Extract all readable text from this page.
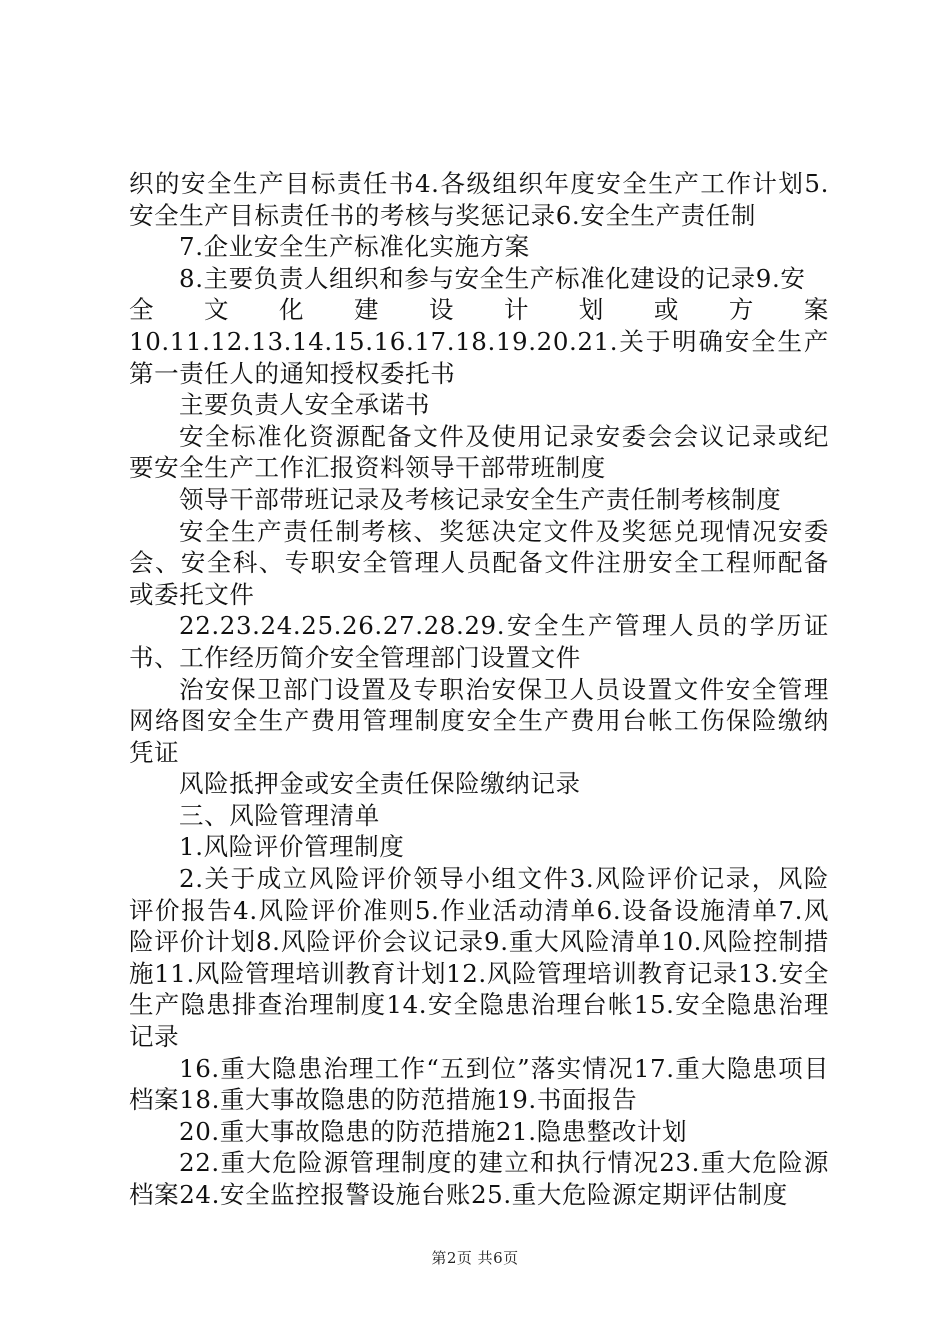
织的安全生产目标责任书4.各级组织年度安全生产工作计划5.安全生产目标责任书的考核与奖惩记录6.安全生产责任制

7.企业安全生产标准化实施方案

8.主要负责人组织和参与安全生产标准化建设的记录9.安

全文化建设计划或方案

10.11.12.13.14.15.16.17.18.19.20.21.关于明确安全生产第一责任人的通知授权委托书

主要负责人安全承诺书

安全标准化资源配备文件及使用记录安委会会议记录或纪要安全生产工作汇报资料领导干部带班制度

领导干部带班记录及考核记录安全生产责任制考核制度

安全生产责任制考核、奖惩决定文件及奖惩兑现情况安委会、安全科、专职安全管理人员配备文件注册安全工程师配备或委托文件

22.23.24.25.26.27.28.29.安全生产管理人员的学历证书、工作经历简介安全管理部门设置文件

治安保卫部门设置及专职治安保卫人员设置文件安全管理网络图安全生产费用管理制度安全生产费用台帐工伤保险缴纳凭证

风险抵押金或安全责任保险缴纳记录

三、风险管理清单

1.风险评价管理制度

2.关于成立风险评价领导小组文件3.风险评价记录，风险评价报告4.风险评价准则5.作业活动清单6.设备设施清单7.风险评价计划8.风险评价会议记录9.重大风险清单10.风险控制措施11.风险管理培训教育计划12.风险管理培训教育记录13.安全生产隐患排查治理制度14.安全隐患治理台帐15.安全隐患治理记录

16.重大隐患治理工作“五到位”落实情况17.重大隐患项目档案18.重大事故隐患的防范措施19.书面报告

20.重大事故隐患的防范措施21.隐患整改计划

22.重大危险源管理制度的建立和执行情况23.重大危险源档案24.安全监控报警设施台账25.重大危险源定期评估制度

第2页 共6页
